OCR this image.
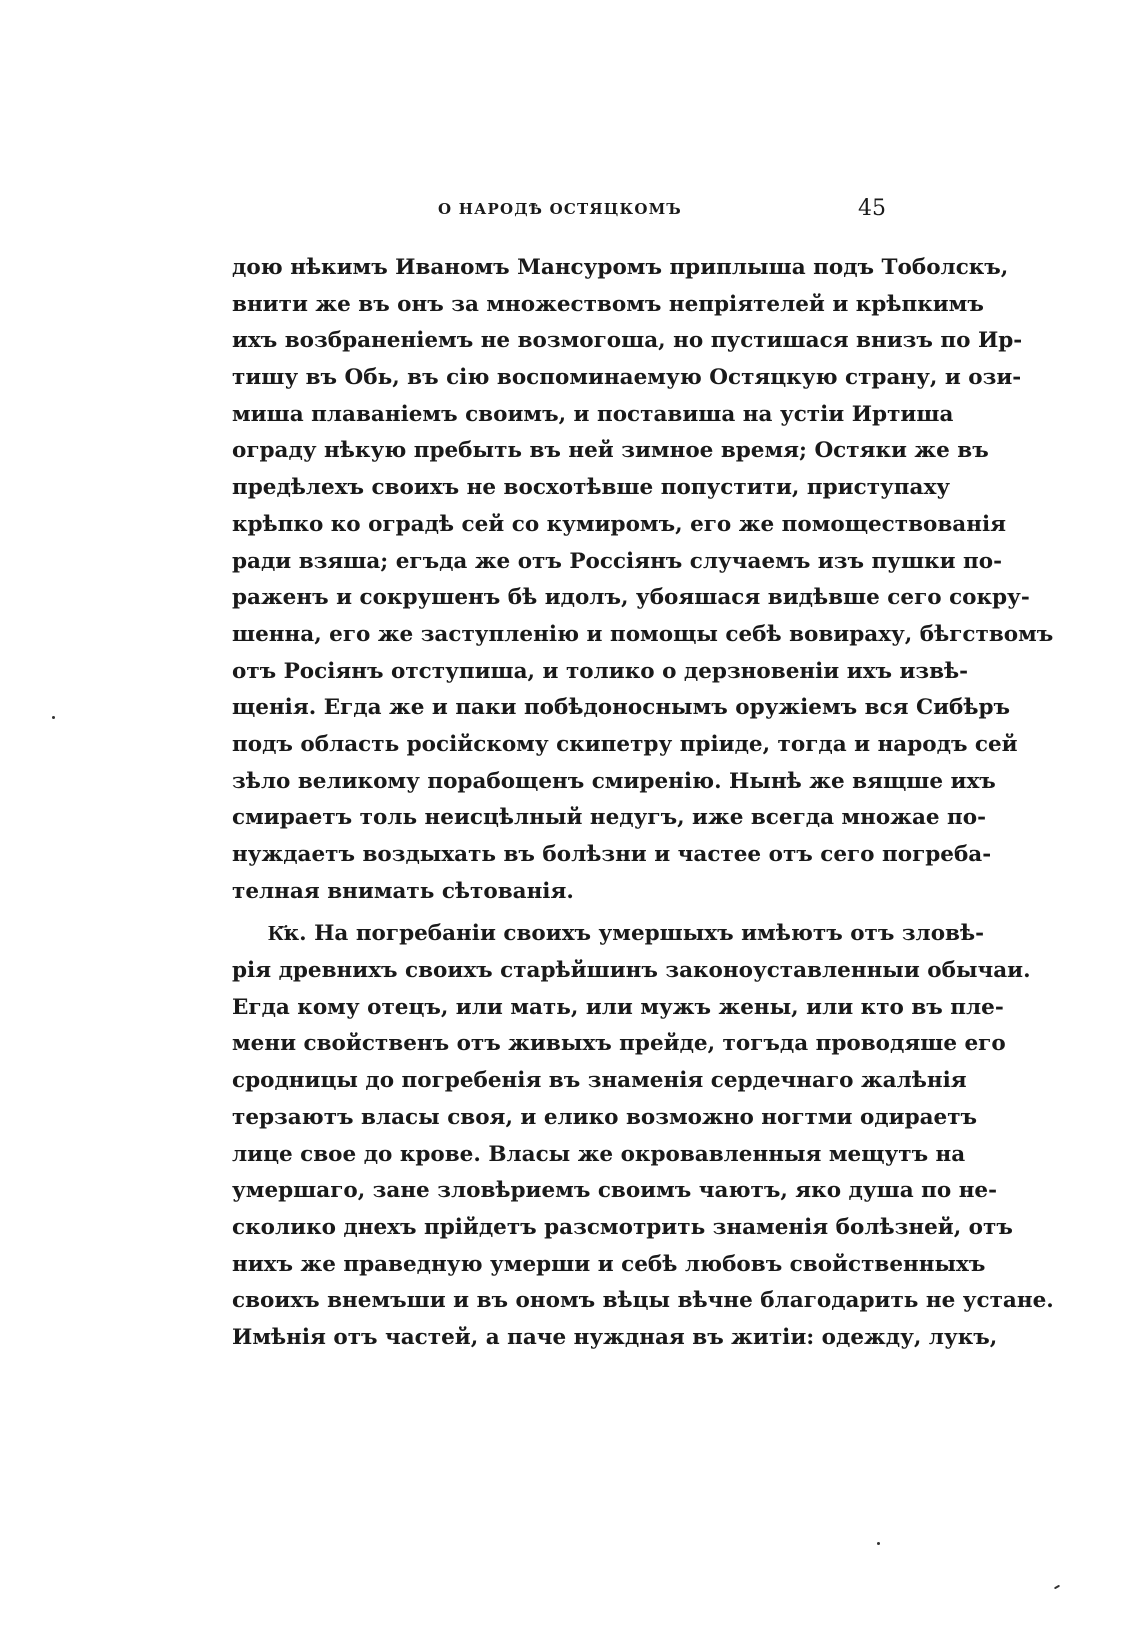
О НАРОДѢ ОСТЯЦКОМЪ	45
дою нѣкимъ Иваномъ Мансуромъ приплыша подъ Тоболскъ,
внити же въ онъ за множествомъ непріятелей и крѣпкимъ
ихъ возбраненіемъ не возмогоша, но пустишася внизъ по Ир-
тишу въ Обь, въ сію воспоминаемую Остяцкую страну, и ози-
миша плаваніемъ своимъ, и поставиша на устіи Иртиша
ограду нѣкую пребыть въ ней зимное время; Остяки же въ
предѣлехъ своихъ не восхотѣвше попустити, приступаху
крѣпко ко оградѣ сей со кумиромъ, его же помоществованія
ради взяша; егъда же отъ Россіянъ случаемъ изъ пушки по-
раженъ и сокрушенъ бѣ идолъ, убояшася видѣвше сего сокру-
шенна, его же заступленію и помощы себѣ вовираху, бѣгствомъ
отъ Росіянъ отступиша, и толико о дерзновеніи ихъ извѣ-
щенія. Егда же и паки побѣдоноснымъ оружіемъ вся Сибѣръ
подъ область російскому скипетру пріиде, тогда и народъ сей
зѣло великому порабощенъ смиренію. Нынѣ же вящше ихъ
смираетъ толь неисцѣлный недугъ, иже всегда множае по-
нуждаетъ воздыхать въ болѣзни и частее отъ сего погреба-
телная внимать сѣтованія.
К҃к. На погребаніи своихъ умершыхъ имѣютъ отъ зловѣ-
рія древнихъ своихъ старѣйшинъ законоуставленныи обычаи.
Егда кому отецъ, или мать, или мужъ жены, или кто въ пле-
мени свойственъ отъ живыхъ прейде, тогъда проводяше его
сродницы до погребенія въ знаменія сердечнаго жалѣнія
терзаютъ власы своя, и елико возможно ногтми одираетъ
лице свое до крове. Власы же окровавленныя мещутъ на
умершаго, зане зловѣриемъ своимъ чаютъ, яко душа по не-
сколико днехъ прійдетъ разсмотрить знаменія болѣзней, отъ
нихъ же праведную умерши и себѣ любовъ свойственныхъ
своихъ внемъши и въ ономъ вѣцы вѣчне благодарить не устане.
Имѣнія отъ частей, а паче нуждная въ житіи: одежду, лукъ,
